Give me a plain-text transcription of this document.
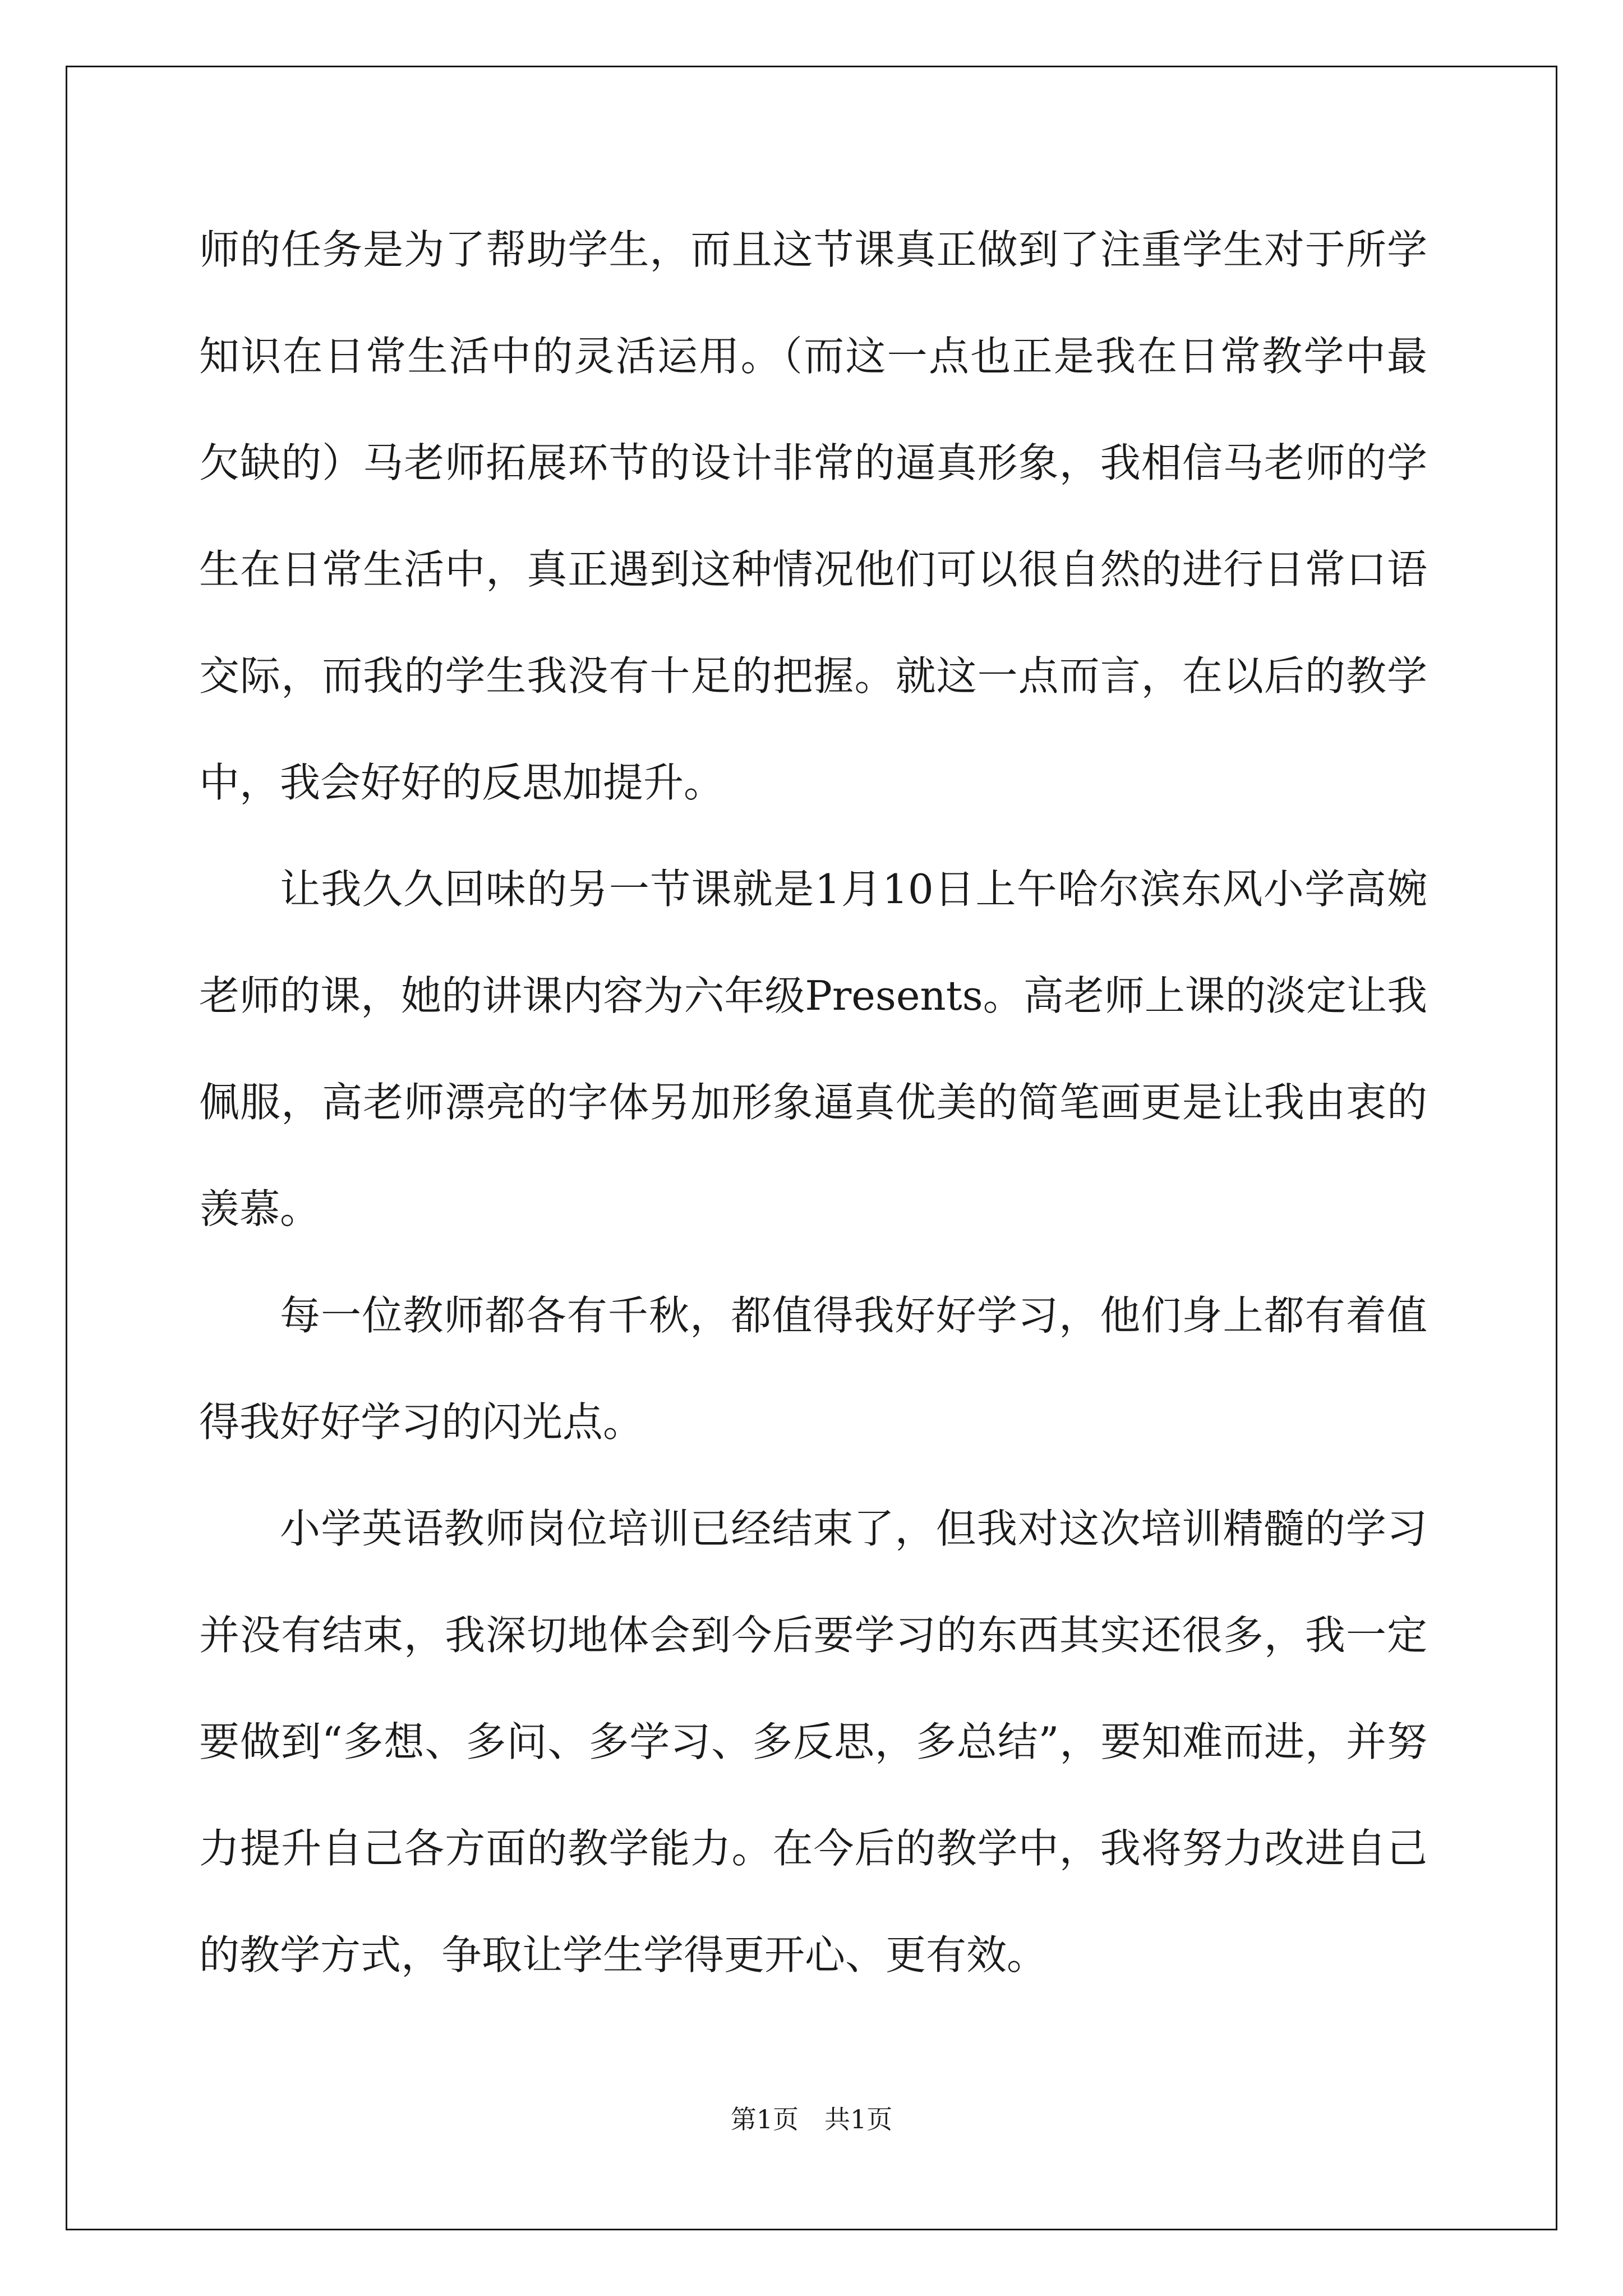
师的任务是为了帮助学生，而且这节课真正做到了注重学生对于所学知识在日常生活中的灵活运用。（而这一点也正是我在日常教学中最欠缺的）马老师拓展环节的设计非常的逼真形象，我相信马老师的学生在日常生活中，真正遇到这种情况他们可以很自然的进行日常口语交际，而我的学生我没有十足的把握。就这一点而言，在以后的教学中，我会好好的反思加提升。

让我久久回味的另一节课就是1月10日上午哈尔滨东风小学高婉老师的课，她的讲课内容为六年级Presents。高老师上课的淡定让我佩服，高老师漂亮的字体另加形象逼真优美的简笔画更是让我由衷的羡慕。

每一位教师都各有千秋，都值得我好好学习，他们身上都有着值得我好好学习的闪光点。

小学英语教师岗位培训已经结束了，但我对这次培训精髓的学习并没有结束，我深切地体会到今后要学习的东西其实还很多，我一定要做到“多想、多问、多学习、多反思，多总结”，要知难而进，并努力提升自己各方面的教学能力。在今后的教学中，我将努力改进自己的教学方式，争取让学生学得更开心、更有效。

第1页　共1页
